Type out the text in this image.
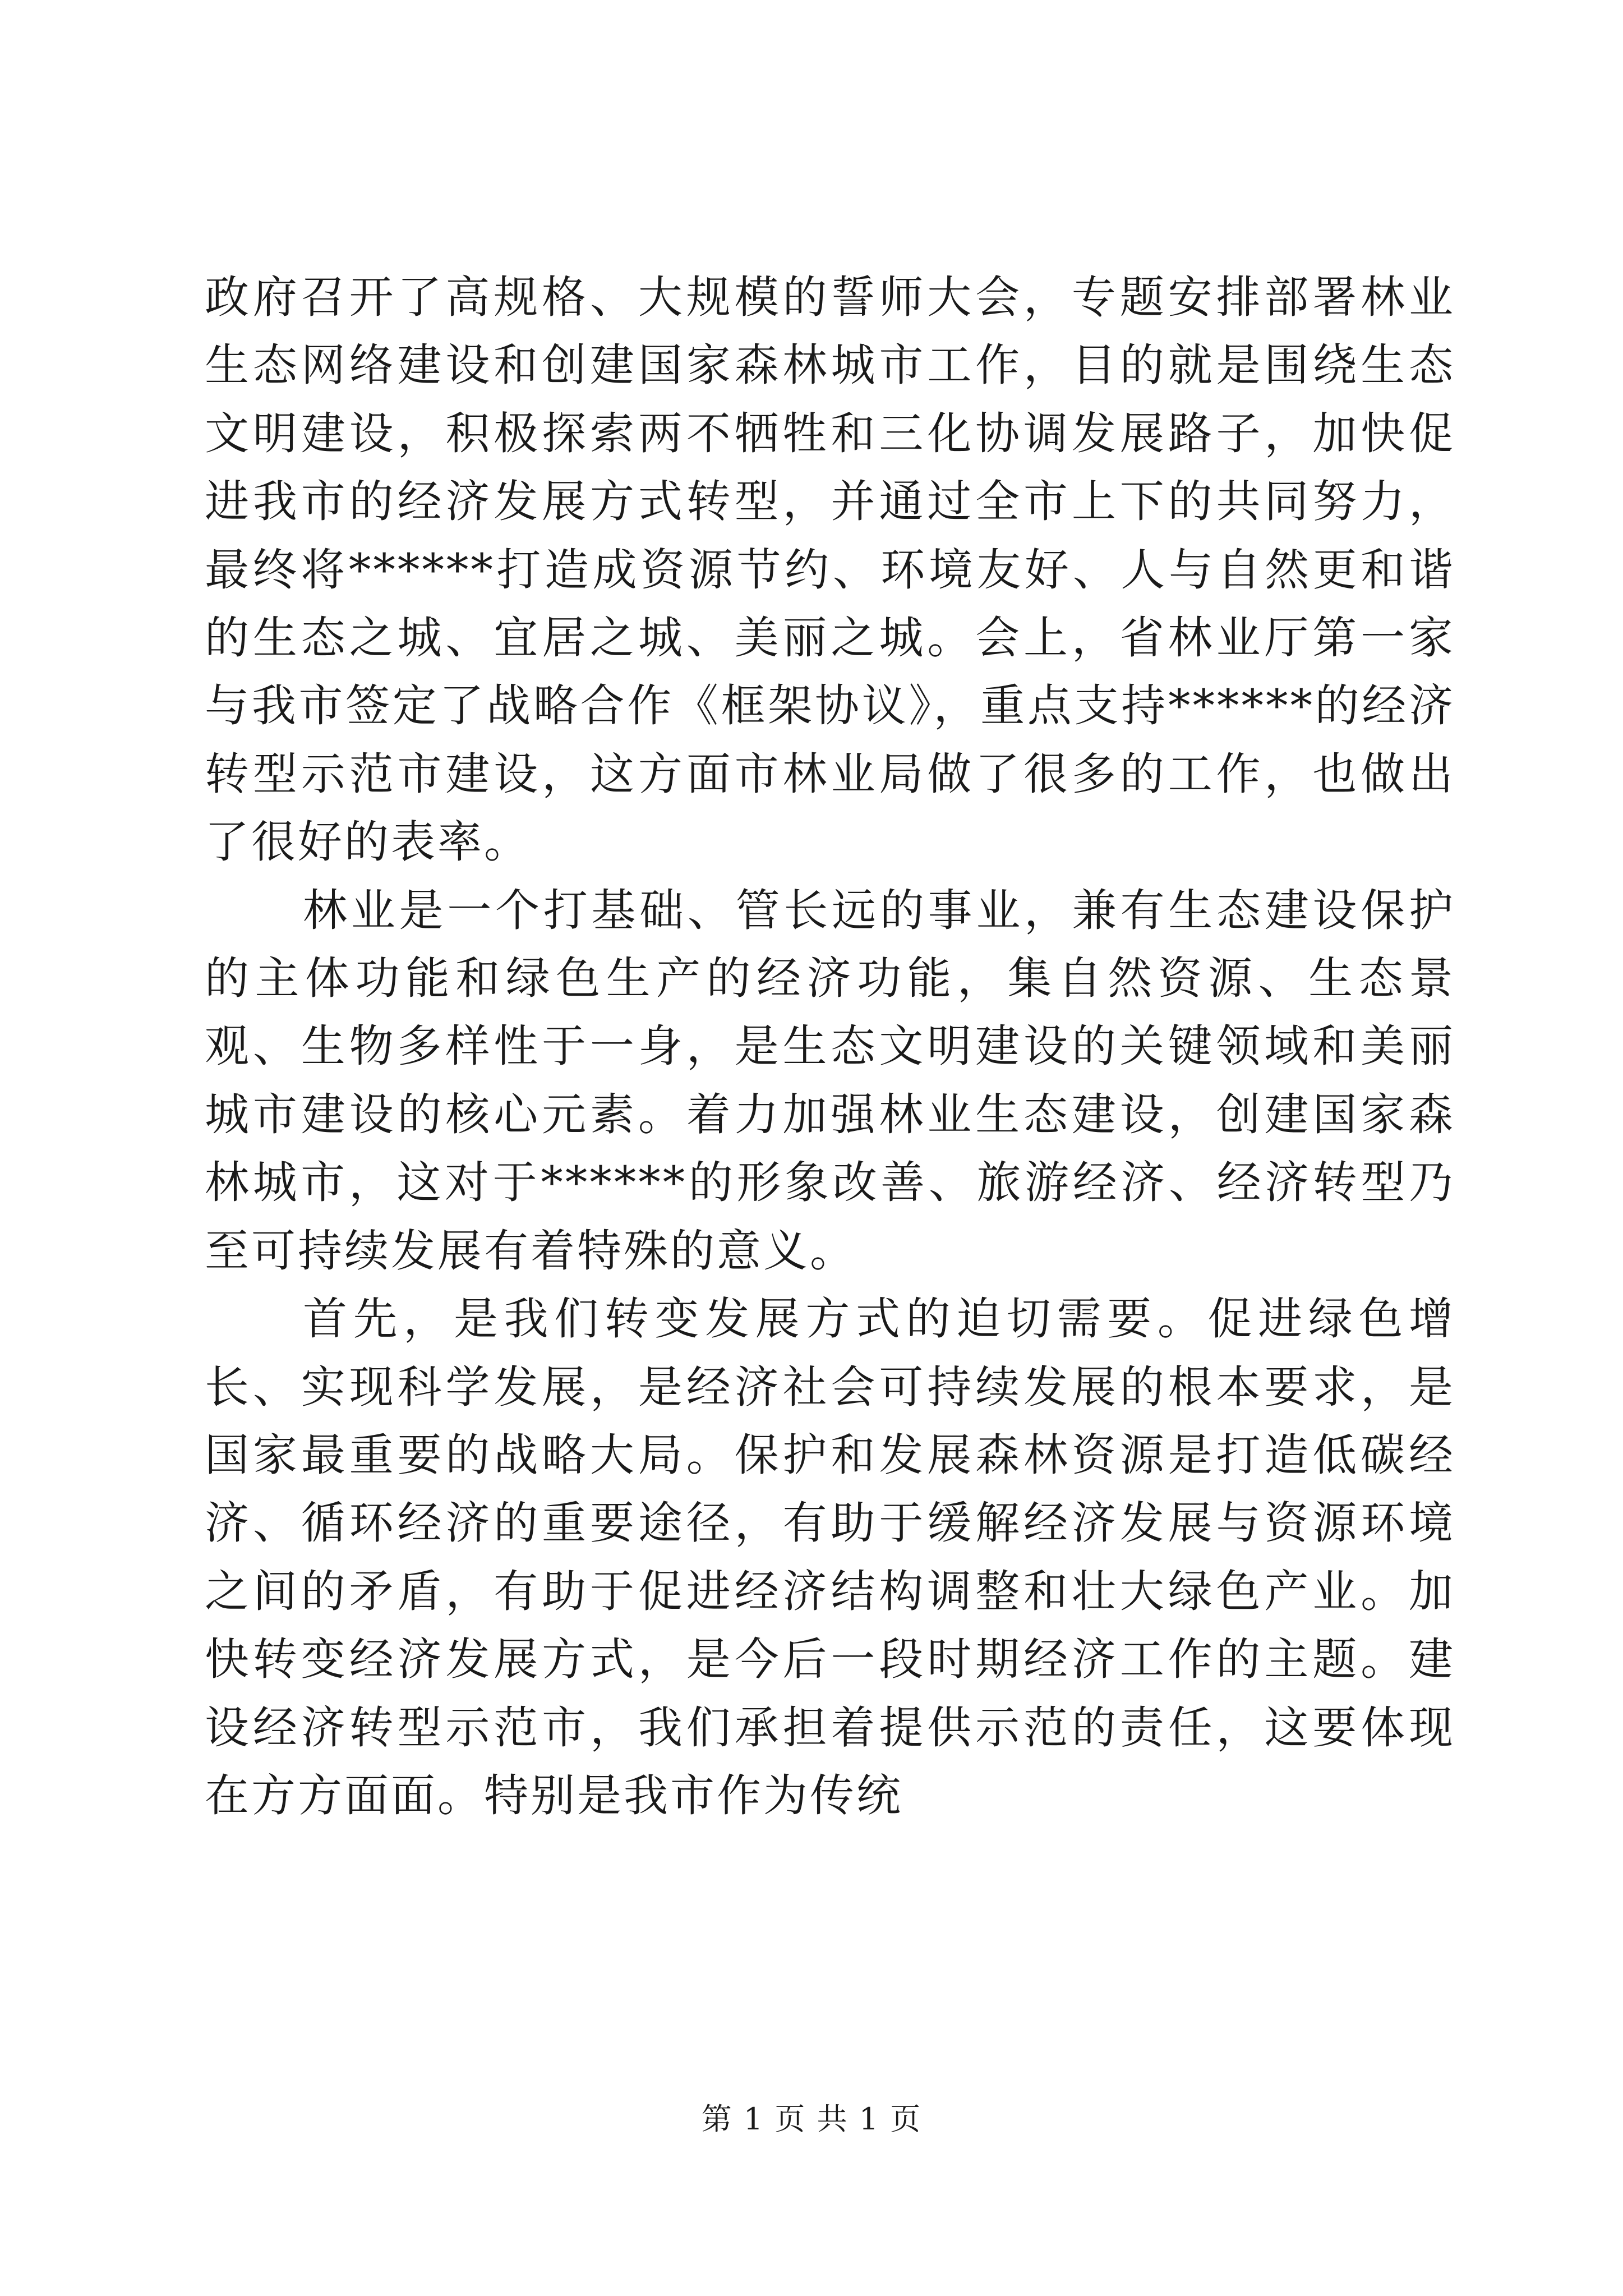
政府召开了高规格、大规模的誓师大会，专题安排部署林业生态网络建设和创建国家森林城市工作，目的就是围绕生态文明建设，积极探索两不牺牲和三化协调发展路子，加快促进我市的经济发展方式转型，并通过全市上下的共同努力，最终将******打造成资源节约、环境友好、人与自然更和谐的生态之城、宜居之城、美丽之城。会上，省林业厅第一家与我市签定了战略合作《框架协议》，重点支持******的经济转型示范市建设，这方面市林业局做了很多的工作，也做出了很好的表率。

林业是一个打基础、管长远的事业，兼有生态建设保护的主体功能和绿色生产的经济功能，集自然资源、生态景观、生物多样性于一身，是生态文明建设的关键领域和美丽城市建设的核心元素。着力加强林业生态建设，创建国家森林城市，这对于******的形象改善、旅游经济、经济转型乃至可持续发展有着特殊的意义。

首先，是我们转变发展方式的迫切需要。促进绿色增长、实现科学发展，是经济社会可持续发展的根本要求，是国家最重要的战略大局。保护和发展森林资源是打造低碳经济、循环经济的重要途径，有助于缓解经济发展与资源环境之间的矛盾，有助于促进经济结构调整和壮大绿色产业。加快转变经济发展方式，是今后一段时期经济工作的主题。建设经济转型示范市，我们承担着提供示范的责任，这要体现在方方面面。特别是我市作为传统

第 1 页 共 1 页
